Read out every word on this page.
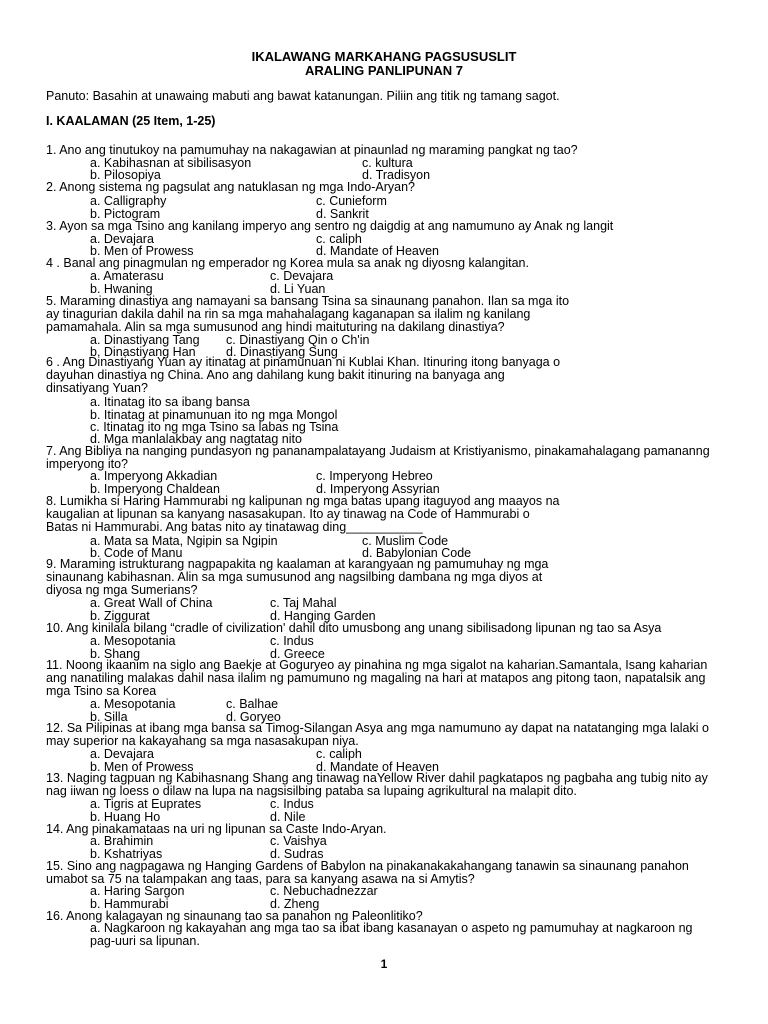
IKALAWANG MARKAHANG PAGSUSUSLIT
ARALING PANLIPUNAN 7
Panuto: Basahin at unawaing mabuti ang bawat katanungan. Piliin ang titik ng tamang sagot.
I. KAALAMAN (25 Item, 1-25)
1. Ano ang tinutukoy na pamumuhay na nakagawian at pinaunlad ng maraming pangkat ng tao?
a. Kabihasnan at sibilisasyon	c. kultura
b. Pilosopiya	d. Tradisyon
2. Anong sistema ng pagsulat ang natuklasan ng mga Indo-Aryan?
a. Calligraphy	c. Cunieform
b. Pictogram	d. Sankrit
3. Ayon sa mga Tsino ang kanilang imperyo ang sentro ng daigdig at ang namumuno ay Anak ng langit
a. Devajara	c. caliph
b. Men of Prowess	d. Mandate of Heaven
4 . Banal ang pinagmulan ng emperador ng Korea mula sa anak ng diyosng kalangitan.
a. Amaterasu	c. Devajara
b. Hwaning	d. Li Yuan
5. Maraming dinastiya ang namayani sa bansang Tsina sa sinaunang panahon. Ilan sa mga ito
ay tinagurian dakila dahil na rin sa mga mahahalagang kaganapan sa ilalim ng kanilang
pamamahala. Alin sa mga sumusunod ang hindi maituturing na dakilang dinastiya?
a. Dinastiyang Tang c. Dinastiyang Qin o Ch'in
b. Dinastiyang Han d. Dinastiyang Sung
6 . Ang Dinastiyang Yuan ay itinatag at pinamunuan ni Kublai Khan. Itinuring itong banyaga o
dayuhan dinastiya ng China. Ano ang dahilang kung bakit itinuring na banyaga ang
dinsatiyang Yuan?
a. Itinatag ito sa ibang bansa
b. Itinatag at pinamunuan ito ng mga Mongol
c. Itinatag ito ng mga Tsino sa labas ng Tsina
d. Mga manlalakbay ang nagtatag nito
7. Ang Bibliya na nanging pundasyon ng pananampalatayang Judaism at Kristiyanismo, pinakamahalagang pamananng
imperyong ito?
a. Imperyong Akkadian	c. Imperyong Hebreo
b. Imperyong Chaldean	d. Imperyong Assyrian
8. Lumikha si Haring Hammurabi ng kalipunan ng mga batas upang itaguyod ang maayos na
kaugalian at lipunan sa kanyang nasasakupan. Ito ay tinawag na Code of Hammurabi o
Batas ni Hammurabi. Ang batas nito ay tinatawag ding___________
a. Mata sa Mata, Ngipin sa Ngipin	c. Muslim Code
b. Code of Manu	d. Babylonian Code
9. Maraming istrukturang nagpapakita ng kaalaman at karangyaan ng pamumuhay ng mga
sinaunang kabihasnan. Alin sa mga sumusunod ang nagsilbing dambana ng mga diyos at
diyosa ng mga Sumerians?
a. Great Wall of China	c. Taj Mahal
b. Ziggurat	d. Hanging Garden
10. Ang kinilala bilang “cradle of civilization' dahil dito umusbong ang unang sibilisadong lipunan ng tao sa Asya
a. Mesopotania	c. Indus
b. Shang	d. Greece
11. Noong ikaanim na siglo ang Baekje at Goguryeo ay pinahina ng mga sigalot na kaharian.Samantala, Isang kaharian
ang nanatiling malakas dahil nasa ilalim ng pamumuno ng magaling na hari at matapos ang pitong taon, napatalsik ang
mga Tsino sa Korea
a. Mesopotania	c. Balhae
b. Silla	d. Goryeo
12. Sa Pilipinas at ibang mga bansa sa Timog-Silangan Asya ang mga namumuno ay dapat na natatanging mga lalaki o
may superior na kakayahang sa mga nasasakupan niya.
a. Devajara	c. caliph
b. Men of Prowess	d. Mandate of Heaven
13. Naging tagpuan ng Kabihasnang Shang ang tinawag naYellow River dahil pagkatapos ng pagbaha ang tubig nito ay
nag iiwan ng loess o dilaw na lupa na nagsisilbing pataba sa lupaing agrikultural na malapit dito.
a. Tigris at Euprates	c. Indus
b. Huang Ho	d. Nile
14. Ang pinakamataas na uri ng lipunan sa Caste Indo-Aryan.
a. Brahimin	c. Vaishya
b. Kshatriyas	d. Sudras
15. Sino ang nagpagawa ng Hanging Gardens of Babylon na pinakanakakahangang tanawin sa sinaunang panahon
umabot sa 75 na talampakan ang taas, para sa kanyang asawa na si Amytis?
a. Haring Sargon	c. Nebuchadnezzar
b. Hammurabi	d. Zheng
16. Anong kalagayan ng sinaunang tao sa panahon ng Paleonlitiko?
a. Nagkaroon ng kakayahan ang mga tao sa ibat ibang kasanayan o aspeto ng pamumuhay at nagkaroon ng
pag-uuri sa lipunan.
1
